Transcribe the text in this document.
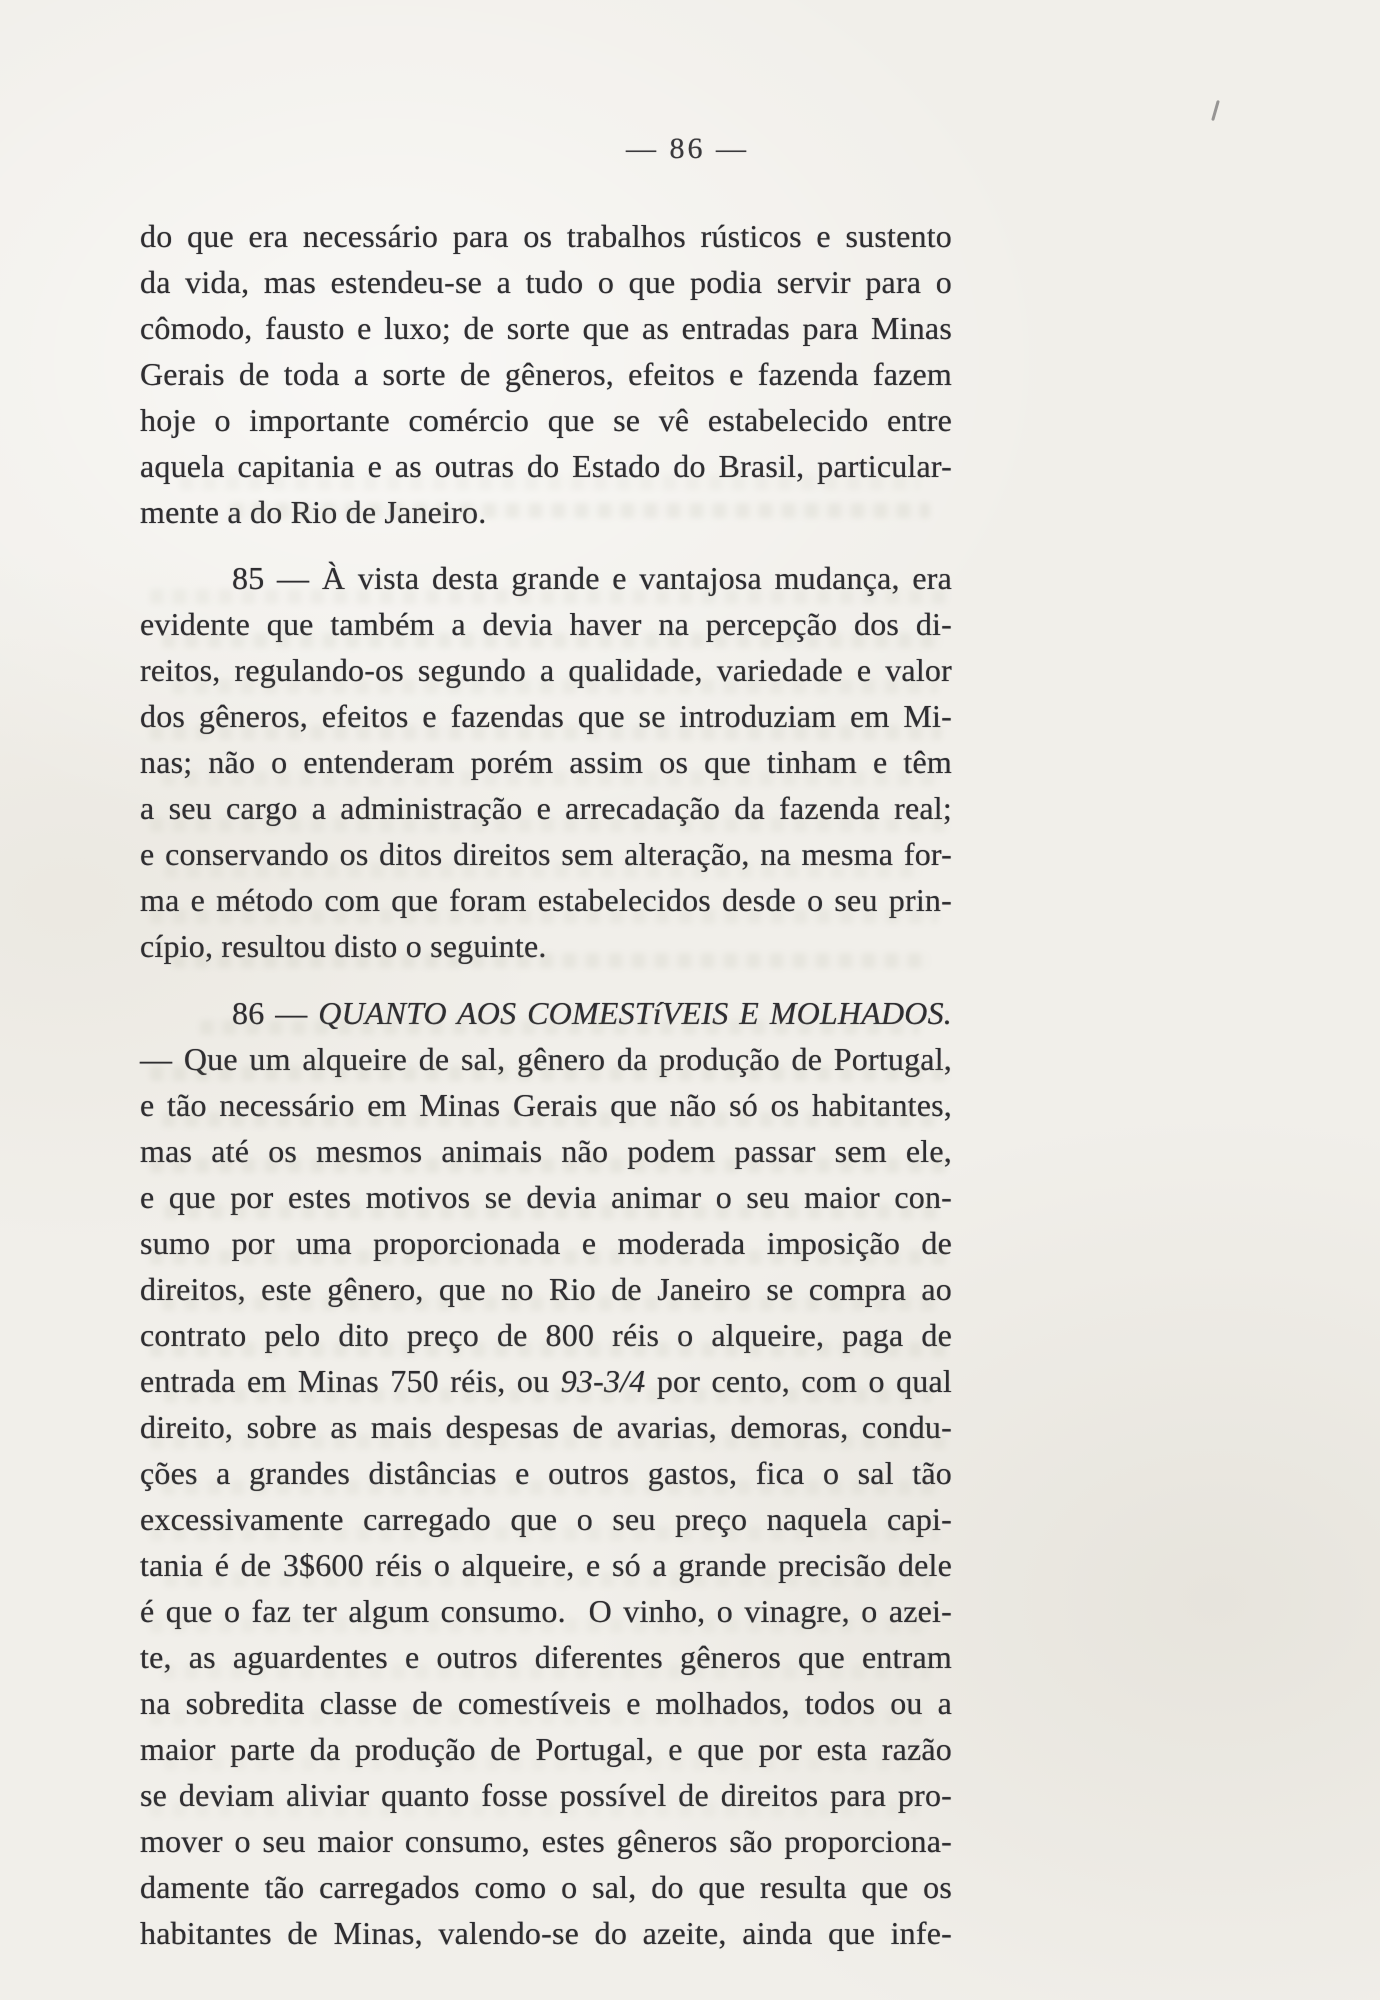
— 86 —
do que era necessário para os trabalhos rústicos e sustento
da vida, mas estendeu-se a tudo o que podia servir para o
cômodo, fausto e luxo; de sorte que as entradas para Minas
Gerais de toda a sorte de gêneros, efeitos e fazenda fazem
hoje o importante comércio que se vê estabelecido entre
aquela capitania e as outras do Estado do Brasil, particular-
mente a do Rio de Janeiro.
85 — À vista desta grande e vantajosa mudança, era
evidente que também a devia haver na percepção dos di-
reitos, regulando-os segundo a qualidade, variedade e valor
dos gêneros, efeitos e fazendas que se introduziam em Mi-
nas; não o entenderam porém assim os que tinham e têm
a seu cargo a administração e arrecadação da fazenda real;
e conservando os ditos direitos sem alteração, na mesma for-
ma e método com que foram estabelecidos desde o seu prin-
cípio, resultou disto o seguinte.
86 — QUANTO AOS COMESTíVEIS E MOLHADOS.
— Que um alqueire de sal, gênero da produção de Portugal,
e tão necessário em Minas Gerais que não só os habitantes,
mas até os mesmos animais não podem passar sem ele,
e que por estes motivos se devia animar o seu maior con-
sumo por uma proporcionada e moderada imposição de
direitos, este gênero, que no Rio de Janeiro se compra ao
contrato pelo dito preço de 800 réis o alqueire, paga de
entrada em Minas 750 réis, ou 93-3/4 por cento, com o qual
direito, sobre as mais despesas de avarias, demoras, condu-
ções a grandes distâncias e outros gastos, fica o sal tão
excessivamente carregado que o seu preço naquela capi-
tania é de 3$600 réis o alqueire, e só a grande precisão dele
é que o faz ter algum consumo.  O vinho, o vinagre, o azei-
te, as aguardentes e outros diferentes gêneros que entram
na sobredita classe de comestíveis e molhados, todos ou a
maior parte da produção de Portugal, e que por esta razão
se deviam aliviar quanto fosse possível de direitos para pro-
mover o seu maior consumo, estes gêneros são proporciona-
damente tão carregados como o sal, do que resulta que os
habitantes de Minas, valendo-se do azeite, ainda que infe-
